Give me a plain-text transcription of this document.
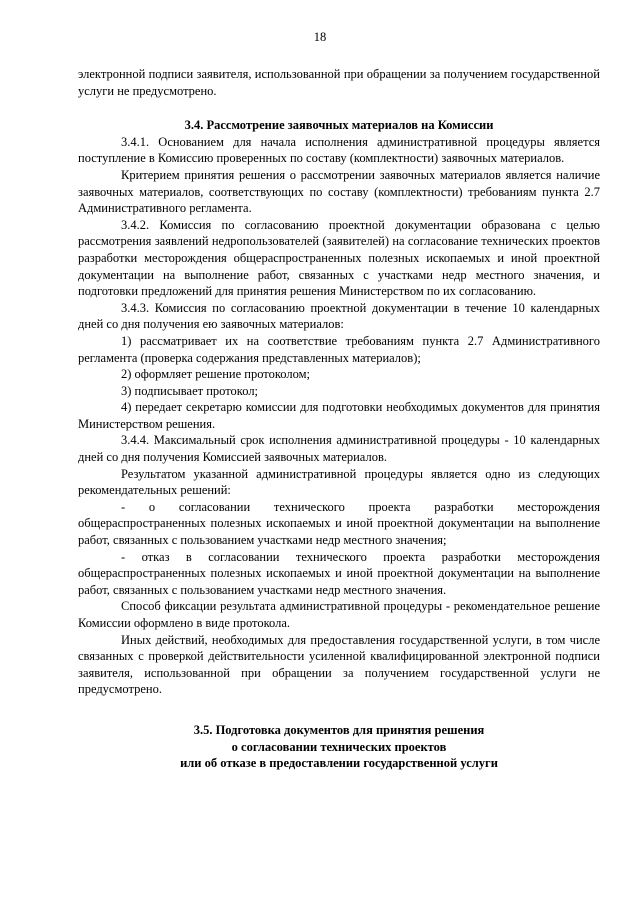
18

электронной подписи заявителя, использованной при обращении за получением государственной услуги не предусмотрено.

3.4. Рассмотрение заявочных материалов на Комиссии

3.4.1. Основанием для начала исполнения административной процедуры является поступление в Комиссию проверенных по составу (комплектности) заявочных материалов.

Критерием принятия решения о рассмотрении заявочных материалов является наличие заявочных материалов, соответствующих по составу (комплектности) требованиям пункта 2.7 Административного регламента.

3.4.2. Комиссия по согласованию проектной документации образована с целью рассмотрения заявлений недропользователей (заявителей) на согласование технических проектов разработки месторождения общераспространенных полезных ископаемых и иной проектной документации на выполнение работ, связанных с участками недр местного значения, и подготовки предложений для принятия решения Министерством по их согласованию.

3.4.3. Комиссия по согласованию проектной документации в течение 10 календарных дней со дня получения ею заявочных материалов:

1) рассматривает их на соответствие требованиям пункта 2.7 Административного регламента (проверка содержания представленных материалов);

2) оформляет решение протоколом;

3) подписывает протокол;

4) передает секретарю комиссии для подготовки необходимых документов для принятия Министерством решения.

3.4.4. Максимальный срок исполнения административной процедуры - 10 календарных дней со дня получения Комиссией заявочных материалов.

Результатом указанной административной процедуры является одно из следующих рекомендательных решений:

- о согласовании технического проекта разработки месторождения общераспространенных полезных ископаемых и иной проектной документации на выполнение работ, связанных с пользованием участками недр местного значения;

- отказ в согласовании технического проекта разработки месторождения общераспространенных полезных ископаемых и иной проектной документации на выполнение работ, связанных с пользованием участками недр местного значения.

Способ фиксации результата административной процедуры - рекомендательное решение Комиссии оформлено в виде протокола.

Иных действий, необходимых для предоставления государственной услуги, в том числе связанных с проверкой действительности усиленной квалифицированной электронной подписи заявителя, использованной при обращении за получением государственной услуги не предусмотрено.

3.5. Подготовка документов для принятия решения
о согласовании технических проектов
или об отказе в предоставлении государственной услуги
